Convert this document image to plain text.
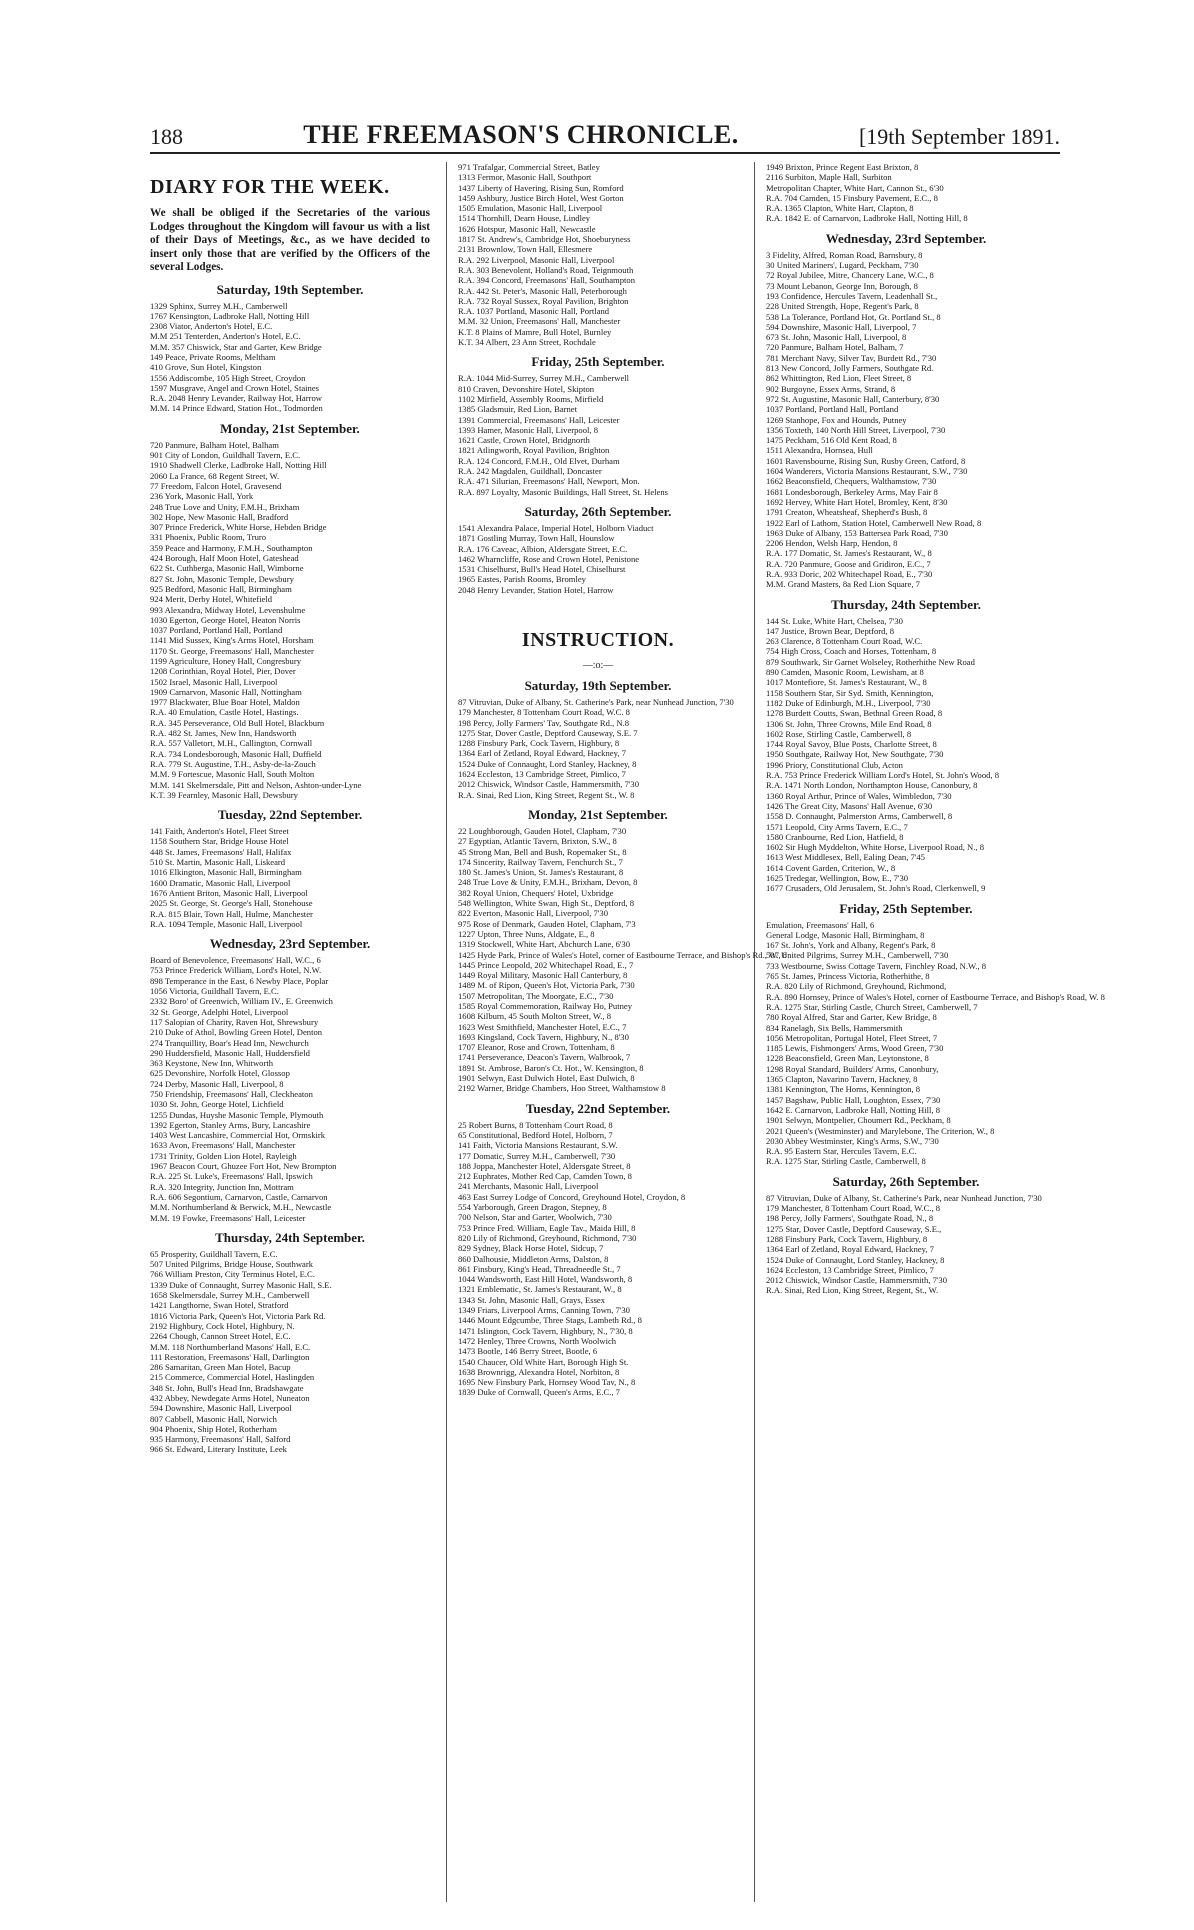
188	THE FREEMASON'S CHRONICLE.	[19th September 1891.
DIARY FOR THE WEEK.
We shall be obliged if the Secretaries of the various Lodges throughout the Kingdom will favour us with a list of their Days of Meetings, &c., as we have decided to insert only those that are verified by the Officers of the several Lodges.
Saturday, 19th September.
1329 Sphinx, Surrey M.H., Camberwell
1767 Kensington, Ladbroke Hall, Notting Hill
2308 Viator, Anderton's Hotel, E.C.
M.M 251 Tenterden, Anderton's Hotel, E.C.
M.M. 357 Chiswick, Star and Garter, Kew Bridge
149 Peace, Private Rooms, Meltham
410 Grove, Sun Hotel, Kingston
1556 Addiscombe, 105 High Street, Croydon
1597 Musgrave, Angel and Crown Hotel, Staines
R.A. 2048 Henry Levander, Railway Hot, Harrow
M.M. 14 Prince Edward, Station Hot., Todmorden
Monday, 21st September.
720 Panmure, Balham Hotel, Balham
901 City of London, Guildhall Tavern, E.C.
1910 Shadwell Clerke, Ladbroke Hall, Notting Hill
2060 La France, 68 Regent Street, W.
77 Freedom, Falcon Hotel, Gravesend
236 York, Masonic Hall, York
248 True Love and Unity, F.M.H., Brixham
302 Hope, New Masonic Hall, Bradford
307 Prince Frederick, White Horse, Hebden Bridge
331 Phoenix, Public Room, Truro
359 Peace and Harmony, F.M.H., Southampton
424 Borough, Half Moon Hotel, Gateshead
622 St. Cuthberga, Masonic Hall, Wimborne
827 St. John, Masonic Temple, Dewsbury
925 Bedford, Masonic Hall, Birmingham
924 Merit, Derby Hotel, Whitefield
993 Alexandra, Midway Hotel, Levenshulme
1030 Egerton, George Hotel, Heaton Norris
1037 Portland, Portland Hall, Portland
1141 Mid Sussex, King's Arms Hotel, Horsham
1170 St. George, Freemasons' Hall, Manchester
1199 Agriculture, Honey Hall, Congresbury
1208 Corinthian, Royal Hotel, Pier, Dover
1502 Israel, Masonic Hall, Liverpool
1909 Carnarvon, Masonic Hall, Nottingham
1977 Blackwater, Blue Boar Hotel, Maldon
R.A. 40 Emulation, Castle Hotel, Hastings.
R.A. 345 Perseverance, Old Bull Hotel, Blackburn
R.A. 482 St. James, New Inn, Handsworth
R.A. 557 Valletort, M.H., Callington, Cornwall
R.A. 734 Londesborough, Masonic Hall, Duffield
R.A. 779 St. Augustine, T.H., Asby-de-la-Zouch
M.M. 9 Fortescue, Masonic Hall, South Molton
M.M. 141 Skelmersdale, Pitt and Nelson, Ashton-under-Lyne
K.T. 39 Fearnley, Masonic Hall, Dewsbury
Tuesday, 22nd September.
141 Faith, Anderton's Hotel, Fleet Street
1158 Southern Star, Bridge House Hotel
448 St. James, Freemasons' Hall, Halifax
510 St. Martin, Masonic Hall, Liskeard
1016 Elkington, Masonic Hall, Birmingham
1600 Dramatic, Masonic Hall, Liverpool
1676 Antient Briton, Masonic Hall, Liverpool
2025 St. George, St. George's Hall, Stonehouse
R.A. 815 Blair, Town Hall, Hulme, Manchester
R.A. 1094 Temple, Masonic Hall, Liverpool
Wednesday, 23rd September.
Board of Benevolence, Freemasons' Hall, W.C., 6
753 Prince Frederick William, Lord's Hotel, N.W.
898 Temperance in the East, 6 Newby Place, Poplar
1056 Victoria, Guildhall Tavern, E.C.
2332 Boro' of Greenwich, William IV., E. Greenwich
32 St. George, Adelphi Hotel, Liverpool
117 Salopian of Charity, Raven Hot, Shrewsbury
210 Duke of Athol, Bowling Green Hotel, Denton
274 Tranquillity, Boar's Head Inn, Newchurch
290 Huddersfield, Masonic Hall, Huddersfield
363 Keystone, New Inn, Whitworth
625 Devonshire, Norfolk Hotel, Glossop
724 Derby, Masonic Hall, Liverpool, 8
750 Friendship, Freemasons' Hall, Cleckheaton
1030 St. John, George Hotel, Lichfield
1255 Dundas, Huyshe Masonic Temple, Plymouth
1392 Egerton, Stanley Arms, Bury, Lancashire
1403 West Lancashire, Commercial Hot, Ormskirk
1633 Avon, Freemasons' Hall, Manchester
1731 Trinity, Golden Lion Hotel, Rayleigh
1967 Beacon Court, Ghuzee Fort Hot, New Brompton
R.A. 225 St. Luke's, Freemasons' Hall, Ipswich
R.A. 320 Integrity, Junction Inn, Mottram
R.A. 606 Segontium, Carnarvon, Castle, Carnarvon
M.M. Northumberland & Berwick, M.H., Newcastle
M.M. 19 Fowke, Freemasons' Hall, Leicester
Thursday, 24th September.
65 Prosperity, Guildhall Tavern, E.C.
507 United Pilgrims, Bridge House, Southwark
766 William Preston, City Terminus Hotel, E.C.
1339 Duke of Connaught, Surrey Masonic Hall, S.E.
1658 Skelmersdale, Surrey M.H., Camberwell
1421 Langthorne, Swan Hotel, Stratford
1816 Victoria Park, Queen's Hot, Victoria Park Rd.
2192 Highbury, Cock Hotel, Highbury, N.
2264 Chough, Cannon Street Hotel, E.C.
M.M. 118 Northumberland Masons' Hall, E.C.
111 Restoration, Freemasons' Hall, Darlington
286 Samaritan, Green Man Hotel, Bacup
215 Commerce, Commercial Hotel, Haslingden
348 St. John, Bull's Head Inn, Bradshawgate
432 Abbey, Newdegate Arms Hotel, Nuneaton
594 Downshire, Masonic Hall, Liverpool
807 Cabbell, Masonic Hall, Norwich
904 Phoenix, Ship Hotel, Rotherham
935 Harmony, Freemasons' Hall, Salford
966 St. Edward, Literary Institute, Leek
971 Trafalgar, Commercial Street, Batley
1313 Fermor, Masonic Hall, Southport
1437 Liberty of Havering, Rising Sun, Romford
1459 Ashbury, Justice Birch Hotel, West Gorton
1505 Emulation, Masonic Hall, Liverpool
1514 Thornhill, Dearn House, Lindley
1626 Hotspur, Masonic Hall, Newcastle
1817 St. Andrew's, Cambridge Hot, Shoeburyness
2131 Brownlow, Town Hall, Ellesmere
R.A. 292 Liverpool, Masonic Hall, Liverpool
R.A. 303 Benevolent, Holland's Road, Teignmouth
R.A. 394 Concord, Freemasons' Hall, Southampton
R.A. 442 St. Peter's, Masonic Hall, Peterborough
R.A. 732 Royal Sussex, Royal Pavilion, Brighton
R.A. 1037 Portland, Masonic Hall, Portland
M.M. 32 Union, Freemasons' Hall, Manchester
K.T. 8 Plains of Mamre, Bull Hotel, Burnley
K.T. 34 Albert, 23 Ann Street, Rochdale
Friday, 25th September.
R.A. 1044 Mid-Surrey, Surrey M.H., Camberwell
810 Craven, Devonshire Hotel, Skipton
1102 Mirfield, Assembly Rooms, Mirfield
1385 Gladsmuir, Red Lion, Barnet
1391 Commercial, Freemasons' Hall, Leicester
1393 Hamer, Masonic Hall, Liverpool, 8
1621 Castle, Crown Hotel, Bridgnorth
1821 Atlingworth, Royal Pavilion, Brighton
R.A. 124 Concord, F.M.H., Old Elvet, Durham
R.A. 242 Magdalen, Guildhall, Doncaster
R.A. 471 Silurian, Freemasons' Hall, Newport, Mon.
R.A. 897 Loyalty, Masonic Buildings, Hall Street, St. Helens
Saturday, 26th September.
1541 Alexandra Palace, Imperial Hotel, Holborn Viaduct
1871 Gostling Murray, Town Hall, Hounslow
R.A. 176 Caveac, Albion, Aldersgate Street, E.C.
1462 Wharncliffe, Rose and Crown Hotel, Penistone
1531 Chiselhurst, Bull's Head Hotel, Chiselhurst
1965 Eastes, Parish Rooms, Bromley
2048 Henry Levander, Station Hotel, Harrow
INSTRUCTION.
—:o:—
Saturday, 19th September.
87 Vitruvian, Duke of Albany, St. Catherine's Park, near Nunhead Junction, 7'30
179 Manchester, 8 Tottenham Court Road, W.C. 8
198 Percy, Jolly Farmers' Tav, Southgate Rd., N.8
1275 Star, Dover Castle, Deptford Causeway, S.E. 7
1288 Finsbury Park, Cock Tavern, Highbury, 8
1364 Earl of Zetland, Royal Edward, Hackney, 7
1524 Duke of Connaught, Lord Stanley, Hackney, 8
1624 Eccleston, 13 Cambridge Street, Pimlico, 7
2012 Chiswick, Windsor Castle, Hammersmith, 7'30
R.A. Sinai, Red Lion, King Street, Regent St., W. 8
Monday, 21st September.
22 Loughborough, Gauden Hotel, Clapham, 7'30
27 Egyptian, Atlantic Tavern, Brixton, S.W., 8
45 Strong Man, Bell and Bush, Ropemaker St., 8
174 Sincerity, Railway Tavern, Fenchurch St., 7
180 St. James's Union, St. James's Restaurant, 8
248 True Love & Unity, F.M.H., Brixham, Devon, 8
382 Royal Union, Chequers' Hotel, Uxbridge
548 Wellington, White Swan, High St., Deptford, 8
822 Everton, Masonic Hall, Liverpool, 7'30
975 Rose of Denmark, Gauden Hotel, Clapham, 7'3
1227 Upton, Three Nuns, Aldgate, E., 8
1319 Stockwell, White Hart, Abchurch Lane, 6'30
1425 Hyde Park, Prince of Wales's Hotel, corner of Eastbourne Terrace, and Bishop's Rd., W., 8
1445 Prince Leopold, 202 Whitechapel Road, E., 7
1449 Royal Military, Masonic Hall Canterbury, 8
1489 M. of Ripon, Queen's Hot, Victoria Park, 7'30
1507 Metropolitan, The Moorgate, E.C., 7'30
1585 Royal Commemoration, Railway Ho, Putney
1608 Kilburn, 45 South Molton Street, W., 8
1623 West Smithfield, Manchester Hotel, E.C., 7
1693 Kingsland, Cock Tavern, Highbury, N., 8'30
1707 Eleanor, Rose and Crown, Tottenham, 8
1741 Perseverance, Deacon's Tavern, Walbrook, 7
1891 St. Ambrose, Baron's Ct. Hot., W. Kensington, 8
1901 Selwyn, East Dulwich Hotel, East Dulwich, 8
2192 Warner, Bridge Chambers, Hoo Street, Walthamstow 8
Tuesday, 22nd September.
25 Robert Burns, 8 Tottenham Court Road, 8
65 Constitutional, Bedford Hotel, Holborn, 7
141 Faith, Victoria Mansions Restaurant, S.W.
177 Domatic, Surrey M.H., Camberwell, 7'30
188 Joppa, Manchester Hotel, Aldersgate Street, 8
212 Euphrates, Mother Red Cap, Camden Town, 8
241 Merchants, Masonic Hall, Liverpool
463 East Surrey Lodge of Concord, Greyhound Hotel, Croydon, 8
554 Yarborough, Green Dragon, Stepney, 8
700 Nelson, Star and Garter, Woolwich, 7'30
753 Prince Fred. William, Eagle Tav., Maida Hill, 8
820 Lily of Richmond, Greyhound, Richmond, 7'30
829 Sydney, Black Horse Hotel, Sidcup, 7
860 Dalhousie, Middleton Arms, Dalston, 8
861 Finsbury, King's Head, Threadneedle St., 7
1044 Wandsworth, East Hill Hotel, Wandsworth, 8
1321 Emblematic, St. James's Restaurant, W., 8
1343 St. John, Masonic Hall, Grays, Essex
1349 Friars, Liverpool Arms, Canning Town, 7'30
1446 Mount Edgcumbe, Three Stags, Lambeth Rd., 8
1471 Islington, Cock Tavern, Highbury, N., 7'30, 8
1472 Henley, Three Crowns, North Woolwich
1473 Bootle, 146 Berry Street, Bootle, 6
1540 Chaucer, Old White Hart, Borough High St.
1638 Brownrigg, Alexandra Hotel, Norbiton, 8
1695 New Finsbury Park, Hornsey Wood Tav, N., 8
1839 Duke of Cornwall, Queen's Arms, E.C., 7
1949 Brixton, Prince Regent East Brixton, 8
2116 Surbiton, Maple Hall, Surbiton
Metropolitan Chapter, White Hart, Cannon St., 6'30
R.A. 704 Camden, 15 Finsbury Pavement, E.C., 8
R.A. 1365 Clapton, White Hart, Clapton, 8
R.A. 1842 E. of Carnarvon, Ladbroke Hall, Notting Hill, 8
Wednesday, 23rd September.
3 Fidelity, Alfred, Roman Road, Barnsbury, 8
30 United Mariners', Lugard, Peckham, 7'30
72 Royal Jubilee, Mitre, Chancery Lane, W.C., 8
73 Mount Lebanon, George Inn, Borough, 8
193 Confidence, Hercules Tavern, Leadenhall St.,
228 United Strength, Hope, Regent's Park, 8
538 La Tolerance, Portland Hot, Gt. Portland St., 8
594 Downshire, Masonic Hall, Liverpool, 7
673 St. John, Masonic Hall, Liverpool, 8
720 Panmure, Balham Hotel, Balham, 7
781 Merchant Navy, Silver Tav, Burdett Rd., 7'30
813 New Concord, Jolly Farmers, Southgate Rd.
862 Whittington, Red Lion, Fleet Street, 8
902 Burgoyne, Essex Arms, Strand, 8
972 St. Augustine, Masonic Hall, Canterbury, 8'30
1037 Portland, Portland Hall, Portland
1269 Stanhope, Fox and Hounds, Putney
1356 Toxteth, 140 North Hill Street, Liverpool, 7'30
1475 Peckham, 516 Old Kent Road, 8
1511 Alexandra, Hornsea, Hull
1601 Ravensbourne, Rising Sun, Rusby Green, Catford, 8
1604 Wanderers, Victoria Mansions Restaurant, S.W., 7'30
1662 Beaconsfield, Chequers, Walthamstow, 7'30
1681 Londesborough, Berkeley Arms, May Fair 8
1692 Hervey, White Hart Hotel, Bromley, Kent, 8'30
1791 Creaton, Wheatsheaf, Shepherd's Bush, 8
1922 Earl of Lathom, Station Hotel, Camberwell New Road, 8
1963 Duke of Albany, 153 Battersea Park Road, 7'30
2206 Hendon, Welsh Harp, Hendon, 8
R.A. 177 Domatic, St. James's Restaurant, W., 8
R.A. 720 Panmure, Goose and Gridiron, E.C., 7
R.A. 933 Doric, 202 Whitechapel Road, E., 7'30
M.M. Grand Masters, 8a Red Lion Square, 7
Thursday, 24th September.
144 St. Luke, White Hart, Chelsea, 7'30
147 Justice, Brown Bear, Deptford, 8
263 Clarence, 8 Tottenham Court Road, W.C.
754 High Cross, Coach and Horses, Tottenham, 8
879 Southwark, Sir Garnet Wolseley, Rotherhithe New Road
890 Camden, Masonic Room, Lewisham, at 8
1017 Montefiore, St. James's Restaurant, W., 8
1158 Southern Star, Sir Syd. Smith, Kennington,
1182 Duke of Edinburgh, M.H., Liverpool, 7'30
1278 Burdett Coutts, Swan, Bethnal Green Road, 8
1306 St. John, Three Crowns, Mile End Road, 8
1602 Rose, Stirling Castle, Camberwell, 8
1744 Royal Savoy, Blue Posts, Charlotte Street, 8
1950 Southgate, Railway Hot, New Southgate, 7'30
1996 Priory, Constitutional Club, Acton
R.A. 753 Prince Frederick William Lord's Hotel, St. John's Wood, 8
R.A. 1471 North London, Northampton House, Canonbury, 8
1360 Royal Arthur, Prince of Wales, Wimbledon, 7'30
1426 The Great City, Masons' Hall Avenue, 6'30
1558 D. Connaught, Palmerston Arms, Camberwell, 8
1571 Leopold, City Arms Tavern, E.C., 7
1580 Cranbourne, Red Lion, Hatfield, 8
1602 Sir Hugh Myddelton, White Horse, Liverpool Road, N., 8
1613 West Middlesex, Bell, Ealing Dean, 7'45
1614 Covent Garden, Criterion, W., 8
1625 Tredegar, Wellington, Bow, E., 7'30
1677 Crusaders, Old Jerusalem, St. John's Road, Clerkenwell, 9
Friday, 25th September.
Emulation, Freemasons' Hall, 6
General Lodge, Masonic Hall, Birmingham, 8
167 St. John's, York and Albany, Regent's Park, 8
507 United Pilgrims, Surrey M.H., Camberwell, 7'30
733 Westbourne, Swiss Cottage Tavern, Finchley Road, N.W., 8
765 St. James, Princess Victoria, Rotherhithe, 8
R.A. 820 Lily of Richmond, Greyhound, Richmond,
R.A. 890 Hornsey, Prince of Wales's Hotel, corner of Eastbourne Terrace, and Bishop's Road, W. 8
R.A. 1275 Star, Stirling Castle, Church Street, Camberwell, 7
780 Royal Alfred, Star and Garter, Kew Bridge, 8
834 Ranelagh, Six Bells, Hammersmith
1056 Metropolitan, Portugal Hotel, Fleet Street, 7
1185 Lewis, Fishmongers' Arms, Wood Green, 7'30
1228 Beaconsfield, Green Man, Leytonstone, 8
1298 Royal Standard, Builders' Arms, Canonbury,
1365 Clapton, Navarino Tavern, Hackney, 8
1381 Kennington, The Horns, Kennington, 8
1457 Bagshaw, Public Hall, Loughton, Essex, 7'30
1642 E. Carnarvon, Ladbroke Hall, Notting Hill, 8
1901 Selwyn, Montpelier, Choumert Rd., Peckham, 8
2021 Queen's (Westminster) and Marylebone, The Criterion, W., 8
2030 Abbey Westminster, King's Arms, S.W., 7'30
R.A. 95 Eastern Star, Hercules Tavern, E.C.
R.A. 1275 Star, Stirling Castle, Camberwell, 8
Saturday, 26th September.
87 Vitruvian, Duke of Albany, St. Catherine's Park, near Nunhead Junction, 7'30
179 Manchester, 8 Tottenham Court Road, W.C., 8
198 Percy, Jolly Farmers', Southgate Road, N., 8
1275 Star, Dover Castle, Deptford Causeway, S.E.,
1288 Finsbury Park, Cock Tavern, Highbury, 8
1364 Earl of Zetland, Royal Edward, Hackney, 7
1524 Duke of Connaught, Lord Stanley, Hackney, 8
1624 Eccleston, 13 Cambridge Street, Pimlico, 7
2012 Chiswick, Windsor Castle, Hammersmith, 7'30
R.A. Sinai, Red Lion, King Street, Regent, St., W.
